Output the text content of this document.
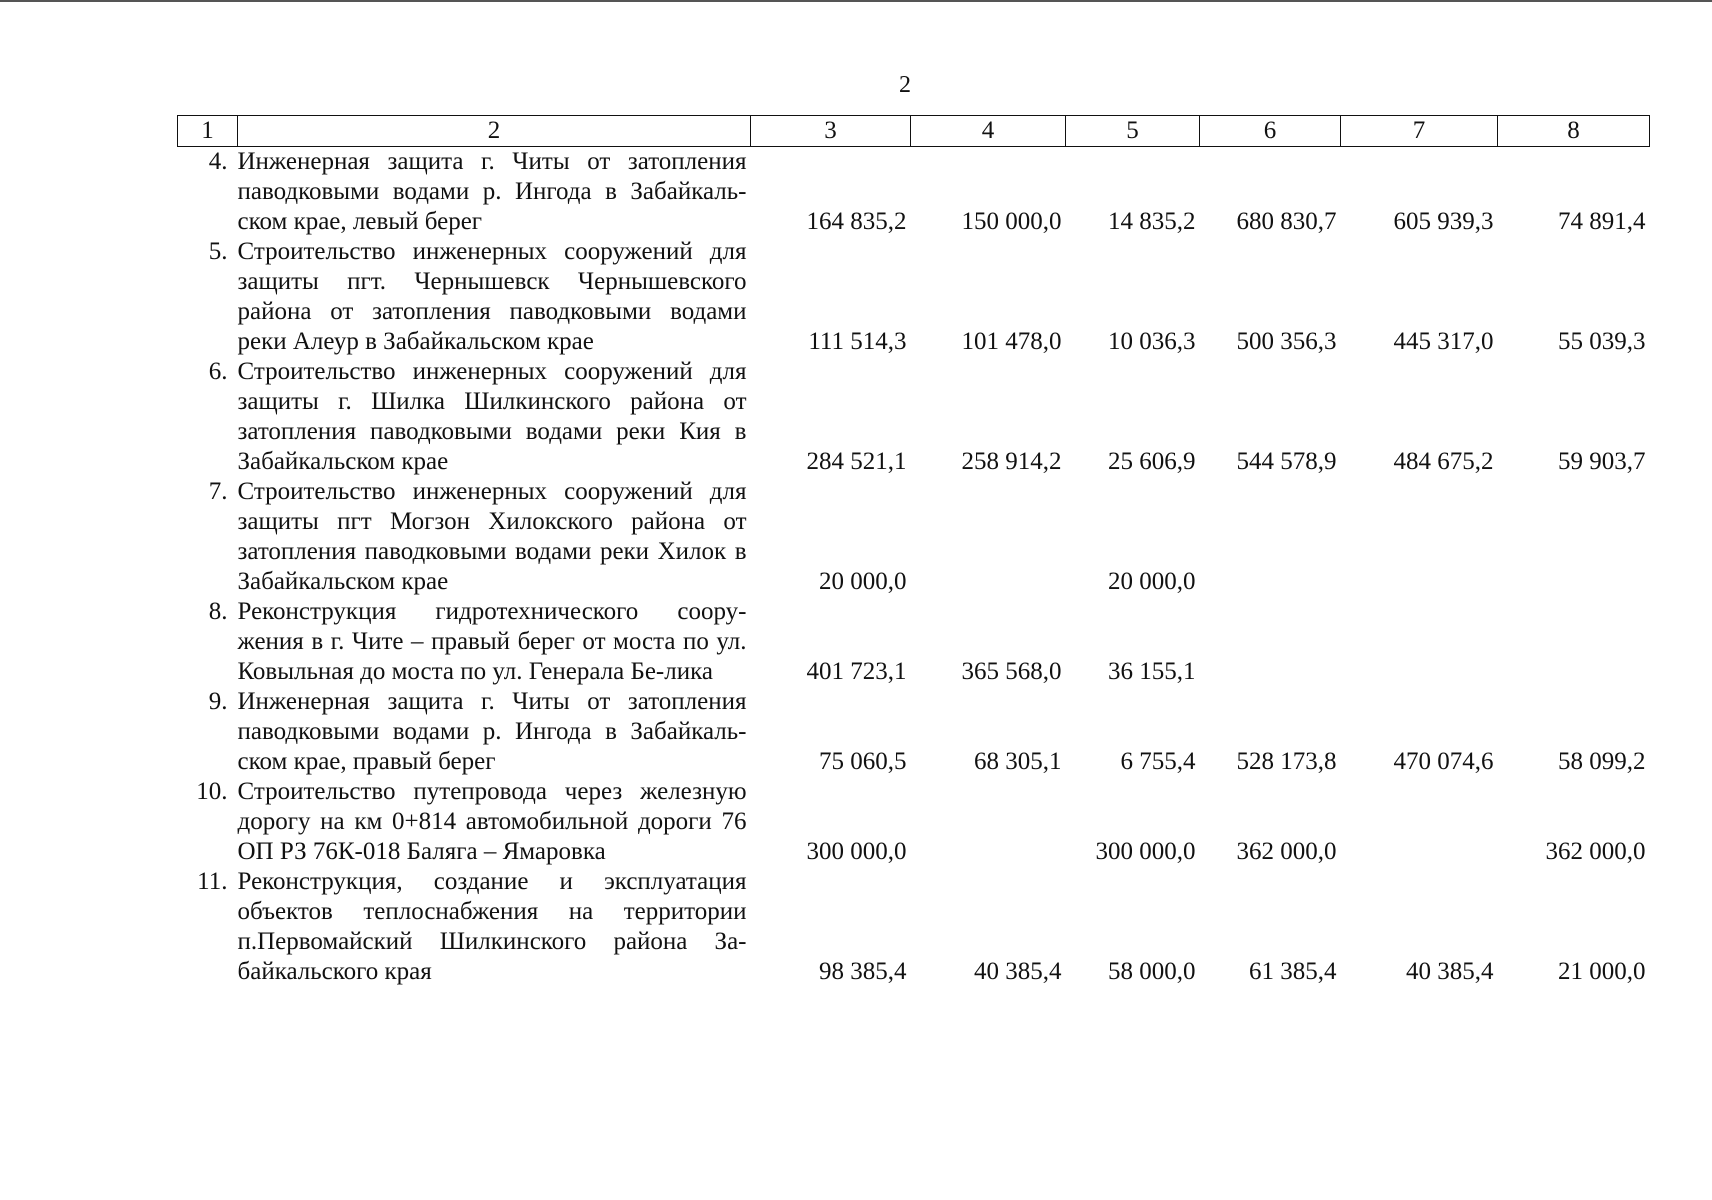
2
1	2	3	4	5	6	7	8
4.	Инженерная защита г. Читы от затопления паводковыми водами р. Ингода в Забайкаль-ском крае, левый берег	164 835,2	150 000,0	14 835,2	680 830,7	605 939,3	74 891,4
5.	Строительство инженерных сооружений для защиты пгт. Чернышевск Чернышевского района от затопления паводковыми водами реки Алеур в Забайкальском крае	111 514,3	101 478,0	10 036,3	500 356,3	445 317,0	55 039,3
6.	Строительство инженерных сооружений для защиты г. Шилка Шилкинского района от затопления паводковыми водами реки Кия в Забайкальском крае	284 521,1	258 914,2	25 606,9	544 578,9	484 675,2	59 903,7
7.	Строительство инженерных сооружений для защиты пгт Могзон Хилокского района от затопления паводковыми водами реки Хилок в Забайкальском крае	20 000,0		20 000,0			
8.	Реконструкция гидротехнического соору-жения в г. Чите – правый берег от моста по ул. Ковыльная до моста по ул. Генерала Бе-лика	401 723,1	365 568,0	36 155,1			
9.	Инженерная защита г. Читы от затопления паводковыми водами р. Ингода в Забайкаль-ском крае, правый берег	75 060,5	68 305,1	6 755,4	528 173,8	470 074,6	58 099,2
10.	Строительство путепровода через железную дорогу на км 0+814 автомобильной дороги 76 ОП РЗ 76К-018 Баляга – Ямаровка	300 000,0		300 000,0	362 000,0		362 000,0
11.	Реконструкция, создание и эксплуатация объектов теплоснабжения на территории п.Первомайский Шилкинского района За-байкальского края	98 385,4	40 385,4	58 000,0	61 385,4	40 385,4	21 000,0
